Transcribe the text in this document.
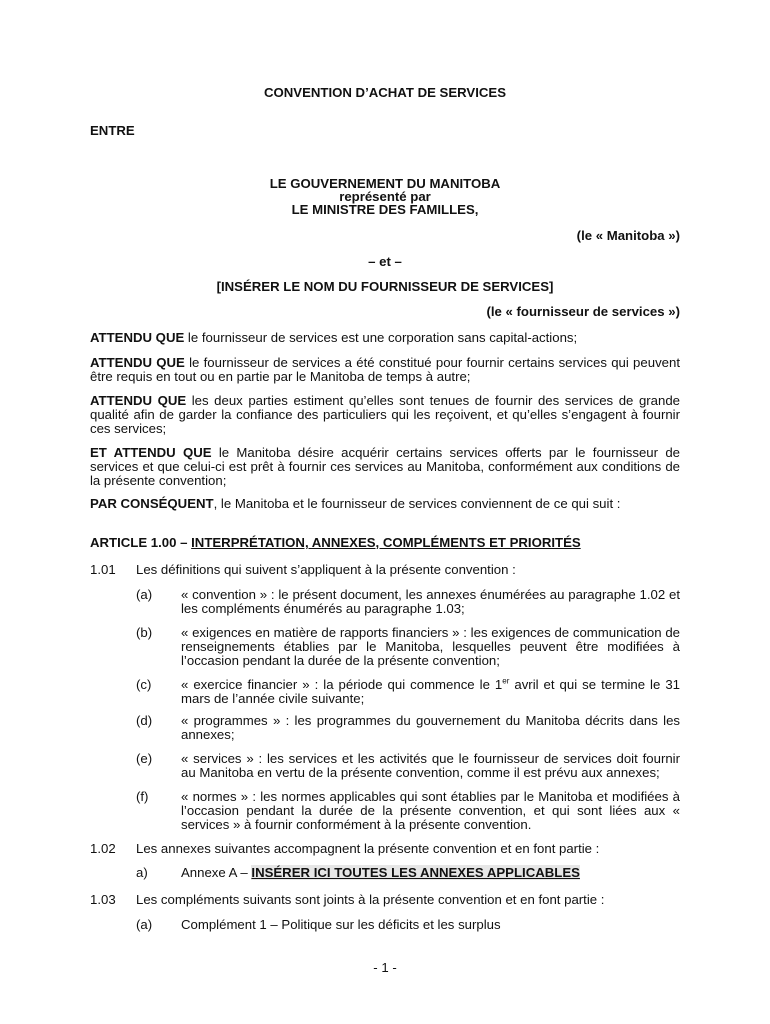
CONVENTION D’ACHAT DE SERVICES
ENTRE
LE GOUVERNEMENT DU MANITOBA
représenté par
LE MINISTRE DES FAMILLES,
(le « Manitoba »)
– et –
[INSÉRER LE NOM DU FOURNISSEUR DE SERVICES]
(le « fournisseur de services »)
ATTENDU QUE le fournisseur de services est une corporation sans capital-actions;
ATTENDU QUE le fournisseur de services a été constitué pour fournir certains services qui peuvent être requis en tout ou en partie par le Manitoba de temps à autre;
ATTENDU QUE les deux parties estiment qu’elles sont tenues de fournir des services de grande qualité afin de garder la confiance des particuliers qui les reçoivent, et qu’elles s’engagent à fournir ces services;
ET ATTENDU QUE le Manitoba désire acquérir certains services offerts par le fournisseur de services et que celui-ci est prêt à fournir ces services au Manitoba, conformément aux conditions de la présente convention;
PAR CONSÉQUENT, le Manitoba et le fournisseur de services conviennent de ce qui suit :
ARTICLE 1.00 – INTERPRÉTATION, ANNEXES, COMPLÉMENTS ET PRIORITÉS
1.01	Les définitions qui suivent s’appliquent à la présente convention :
(a)	« convention » : le présent document, les annexes énumérées au paragraphe 1.02 et les compléments énumérés au paragraphe 1.03;
(b)	« exigences en matière de rapports financiers » : les exigences de communication de renseignements établies par le Manitoba, lesquelles peuvent être modifiées à l’occasion pendant la durée de la présente convention;
(c)	« exercice financier » : la période qui commence le 1er avril et qui se termine le 31 mars de l’année civile suivante;
(d)	« programmes » : les programmes du gouvernement du Manitoba décrits dans les annexes;
(e)	« services » : les services et les activités que le fournisseur de services doit fournir au Manitoba en vertu de la présente convention, comme il est prévu aux annexes;
(f)	« normes » : les normes applicables qui sont établies par le Manitoba et modifiées à l’occasion pendant la durée de la présente convention, et qui sont liées aux « services » à fournir conformément à la présente convention.
1.02	Les annexes suivantes accompagnent la présente convention et en font partie :
a)	Annexe A – INSÉRER ICI TOUTES LES ANNEXES APPLICABLES
1.03	Les compléments suivants sont joints à la présente convention et en font partie :
(a)	Complément 1 – Politique sur les déficits et les surplus
- 1 -
